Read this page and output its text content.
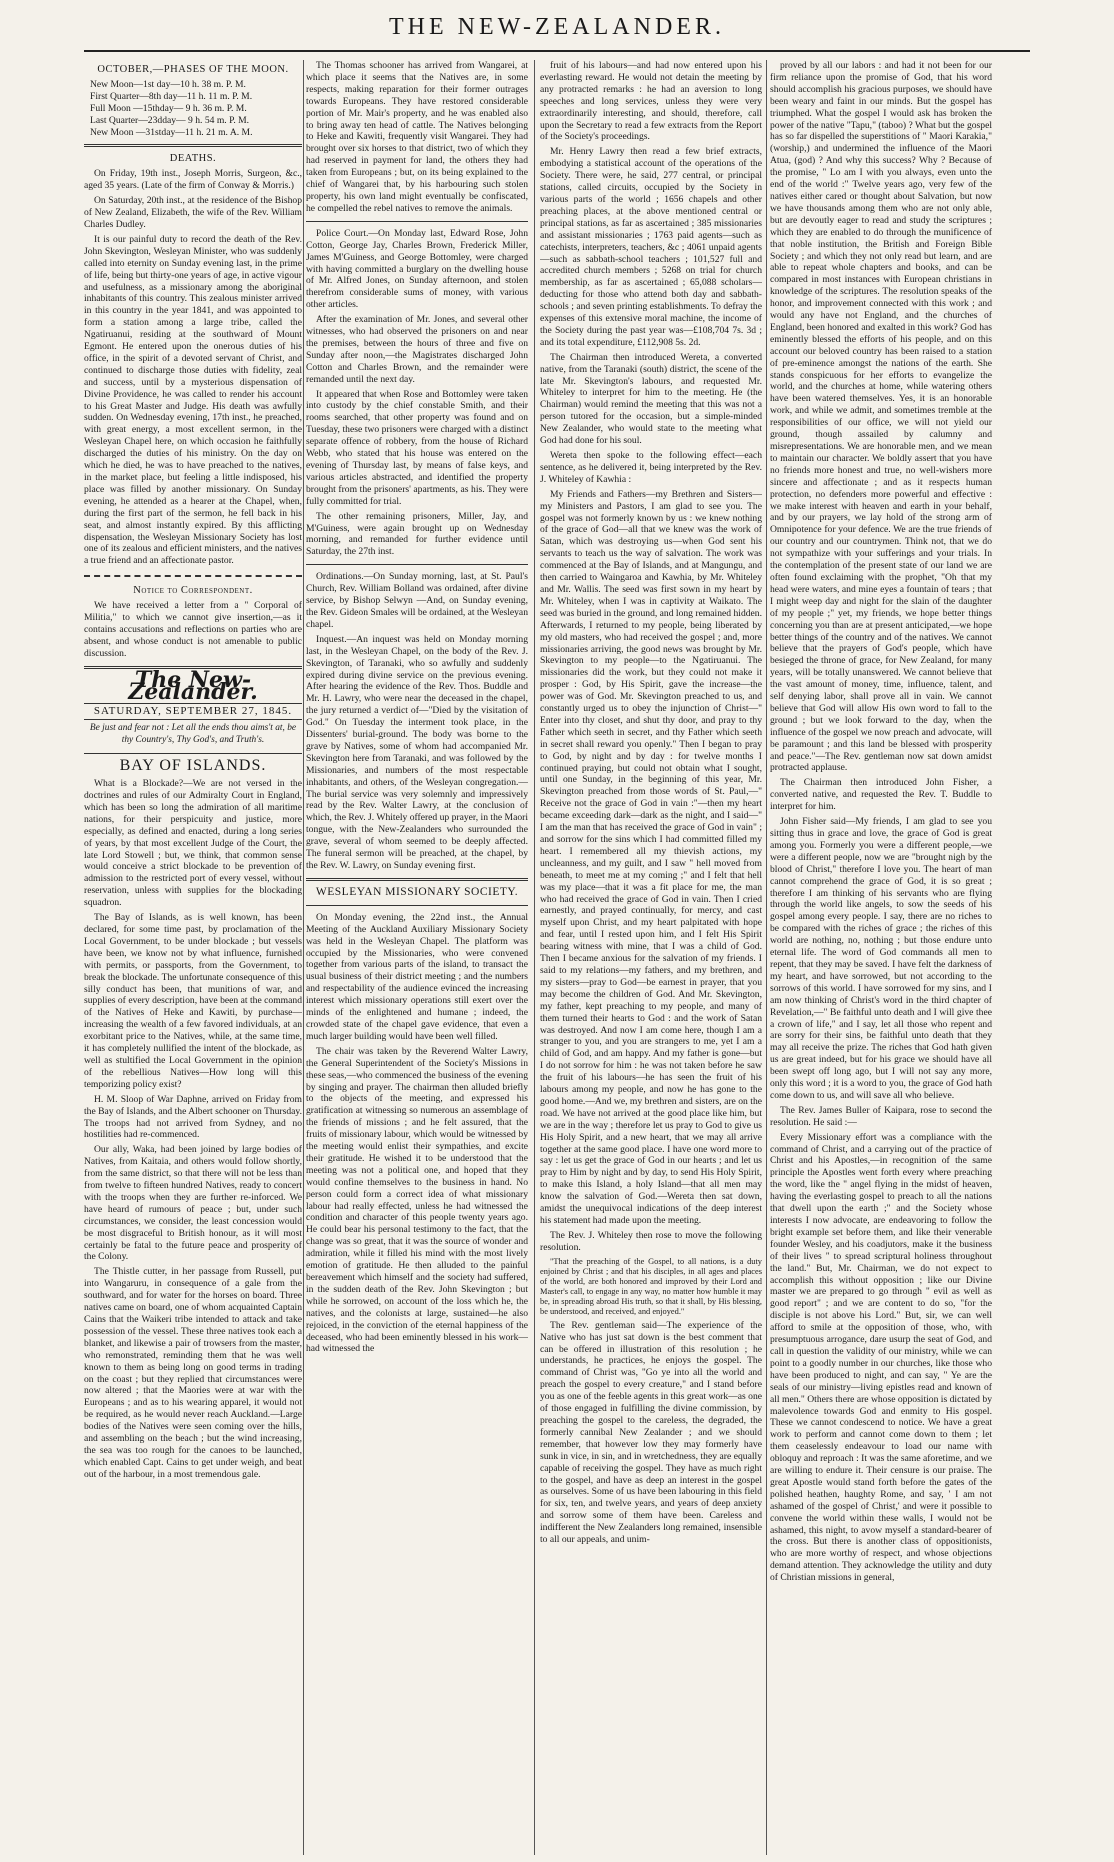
THE NEW-ZEALANDER.
OCTOBER,—PHASES OF THE MOON.
New Moon—1st day—10 h. 38 m. P. M.
First Quarter—8th day—11 h. 11 m. P. M.
Full Moon —15thday— 9 h. 36 m. P. M.
Last Quarter—23dday— 9 h. 54 m. P. M.
New Moon —31stday—11 h. 21 m. A. M.
DEATHS.

On Friday, 19th inst., Joseph Morris, Surgeon, &c., aged 35 years. (Late of the firm of Conway & Morris.)

On Saturday, 20th inst., at the residence of the Bishop of New Zealand, Elizabeth, the wife of the Rev. William Charles Dudley.

It is our painful duty to record the death of the Rev. John Skevington, Wesleyan Minister, who was suddenly called into eternity on Sunday evening last, in the prime of life, being but thirty-one years of age, in active vigour and usefulness, as a missionary among the aboriginal inhabitants of this country. This zealous minister arrived in this country in the year 1841, and was appointed to form a station among a large tribe, called the Ngatiruanui, residing at the southward of Mount Egmont. He entered upon the onerous duties of his office, in the spirit of a devoted servant of Christ, and continued to discharge those duties with fidelity, zeal and success, until by a mysterious dispensation of Divine Providence, he was called to render his account to his Great Master and Judge. His death was awfully sudden. On Wednesday evening, 17th inst., he preached, with great energy, a most excellent sermon, in the Wesleyan Chapel here, on which occasion he faithfully discharged the duties of his ministry. On the day on which he died, he was to have preached to the natives, in the market place, but feeling a little indisposed, his place was filled by another missionary. On Sunday evening, he attended as a hearer at the Chapel, when, during the first part of the sermon, he fell back in his seat, and almost instantly expired. By this afflicting dispensation, the Wesleyan Missionary Society has lost one of its zealous and efficient ministers, and the natives a true friend and an affectionate pastor.

Notice to Correspondent.

We have received a letter from a " Corporal of Militia," to which we cannot give insertion,—as it contains accusations and reflections on parties who are absent, and whose conduct is not amenable to public discussion.

The New-Zealander.
SATURDAY, SEPTEMBER 27, 1845.
Be just and fear not : Let all the ends thou aims't at, be thy Country's, Thy God's, and Truth's.
BAY OF ISLANDS.

What is a Blockade?—We are not versed in the doctrines and rules of our Admiralty Court in England, which has been so long the admiration of all maritime nations, for their perspicuity and justice, more especially, as defined and enacted, during a long series of years, by that most excellent Judge of the Court, the late Lord Stowell ; but, we think, that common sense would conceive a strict blockade to be prevention of admission to the restricted port of every vessel, without reservation, unless with supplies for the blockading squadron.

The Bay of Islands, as is well known, has been declared, for some time past, by proclamation of the Local Government, to be under blockade ; but vessels have been, we know not by what influence, furnished with permits, or passports, from the Government, to break the blockade. The unfortunate consequence of this silly conduct has been, that munitions of war, and supplies of every description, have been at the command of the Natives of Heke and Kawiti, by purchase—increasing the wealth of a few favored individuals, at an exorbitant price to the Natives, while, at the same time, it has completely nullified the intent of the blockade, as well as stultified the Local Government in the opinion of the rebellious Natives—How long will this temporizing policy exist?

H. M. Sloop of War Daphne, arrived on Friday from the Bay of Islands, and the Albert schooner on Thursday. The troops had not arrived from Sydney, and no hostilities had re-commenced.

Our ally, Waka, had been joined by large bodies of Natives, from Kaitaia, and others would follow shortly, from the same district, so that there will not be less than from twelve to fifteen hundred Natives, ready to concert with the troops when they are further re-inforced. We have heard of rumours of peace ; but, under such circumstances, we consider, the least concession would be most disgraceful to British honour, as it will most certainly be fatal to the future peace and prosperity of the Colony.

The Thistle cutter, in her passage from Russell, put into Wangaruru, in consequence of a gale from the southward, and for water for the horses on board. Three natives came on board, one of whom acquainted Captain Cains that the Waikeri tribe intended to attack and take possession of the vessel. These three natives took each a blanket, and likewise a pair of trowsers from the master, who remonstrated, reminding them that he was well known to them as being long on good terms in trading on the coast ; but they replied that circumstances were now altered ; that the Maories were at war with the Europeans ; and as to his wearing apparel, it would not be required, as he would never reach Auckland.—Large bodies of the Natives were seen coming over the hills, and assembling on the beach ; but the wind increasing, the sea was too rough for the canoes to be launched, which enabled Capt. Cains to get under weigh, and beat out of the harbour, in a most tremendous gale.

The Thomas schooner has arrived from Wangarei, at which place it seems that the Natives are, in some respects, making reparation for their former outrages towards Europeans. They have restored considerable portion of Mr. Mair's property, and he was enabled also to bring away ten head of cattle. The Natives belonging to Heke and Kawiti, frequently visit Wangarei. They had brought over six horses to that district, two of which they had reserved in payment for land, the others they had taken from Europeans ; but, on its being explained to the chief of Wangarei that, by his harbouring such stolen property, his own land might eventually be confiscated, he compelled the rebel natives to remove the animals.

Police Court.—On Monday last, Edward Rose, John Cotton, George Jay, Charles Brown, Frederick Miller, James M'Guiness, and George Bottomley, were charged with having committed a burglary on the dwelling house of Mr. Alfred Jones, on Sunday afternoon, and stolen therefrom considerable sums of money, with various other articles.

After the examination of Mr. Jones, and several other witnesses, who had observed the prisoners on and near the premises, between the hours of three and five on Sunday after noon,—the Magistrates discharged John Cotton and Charles Brown, and the remainder were remanded until the next day.

It appeared that when Rose and Bottomley were taken into custody by the chief constable Smith, and their rooms searched, that other property was found and on Tuesday, these two prisoners were charged with a distinct separate offence of robbery, from the house of Richard Webb, who stated that his house was entered on the evening of Thursday last, by means of false keys, and various articles abstracted, and identified the property brought from the prisoners' apartments, as his. They were fully committed for trial.

The other remaining prisoners, Miller, Jay, and M'Guiness, were again brought up on Wednesday morning, and remanded for further evidence until Saturday, the 27th inst.

Ordinations.—On Sunday morning, last, at St. Paul's Church, Rev. William Bolland was ordained, after divine service, by Bishop Selwyn —And, on Sunday evening, the Rev. Gideon Smales will be ordained, at the Wesleyan chapel.

Inquest.—An inquest was held on Monday morning last, in the Wesleyan Chapel, on the body of the Rev. J. Skevington, of Taranaki, who so awfully and suddenly expired during divine service on the previous evening. After hearing the evidence of the Rev. Thos. Buddle and Mr. H. Lawry, who were near the deceased in the chapel, the jury returned a verdict of—"Died by the visitation of God." On Tuesday the interment took place, in the Dissenters' burial-ground. The body was borne to the grave by Natives, some of whom had accompanied Mr. Skevington here from Taranaki, and was followed by the Missionaries, and numbers of the most respectable inhabitants, and others, of the Wesleyan congregation.—The burial service was very solemnly and impressively read by the Rev. Walter Lawry, at the conclusion of which, the Rev. J. Whitely offered up prayer, in the Maori tongue, with the New-Zealanders who surrounded the grave, several of whom seemed to be deeply affected. The funeral sermon will be preached, at the chapel, by the Rev. W. Lawry, on Sunday evening first.

WESLEYAN MISSIONARY SOCIETY.

On Monday evening, the 22nd inst., the Annual Meeting of the Auckland Auxiliary Missionary Society was held in the Wesleyan Chapel. The platform was occupied by the Missionaries, who were convened together from various parts of the island, to transact the usual business of their district meeting ; and the numbers and respectability of the audience evinced the increasing interest which missionary operations still exert over the minds of the enlightened and humane ; indeed, the crowded state of the chapel gave evidence, that even a much larger building would have been well filled.

The chair was taken by the Reverend Walter Lawry, the General Superintendent of the Society's Missions in these seas,—who commenced the business of the evening by singing and prayer. The chairman then alluded briefly to the objects of the meeting, and expressed his gratification at witnessing so numerous an assemblage of the friends of missions ; and he felt assured, that the fruits of missionary labour, which would be witnessed by the meeting would enlist their sympathies, and excite their gratitude. He wished it to be understood that the meeting was not a political one, and hoped that they would confine themselves to the business in hand. No person could form a correct idea of what missionary labour had really effected, unless he had witnessed the condition and character of this people twenty years ago. He could bear his personal testimony to the fact, that the change was so great, that it was the source of wonder and admiration, while it filled his mind with the most lively emotion of gratitude. He then alluded to the painful bereavement which himself and the society had suffered, in the sudden death of the Rev. John Skevington ; but while he sorrowed, on account of the loss which he, the natives, and the colonists at large, sustained—he also rejoiced, in the conviction of the eternal happiness of the deceased, who had been eminently blessed in his work—had witnessed the

fruit of his labours—and had now entered upon his everlasting reward. He would not detain the meeting by any protracted remarks : he had an aversion to long speeches and long services, unless they were very extraordinarily interesting, and should, therefore, call upon the Secretary to read a few extracts from the Report of the Society's proceedings.

Mr. Henry Lawry then read a few brief extracts, embodying a statistical account of the operations of the Society. There were, he said, 277 central, or principal stations, called circuits, occupied by the Society in various parts of the world ; 1656 chapels and other preaching places, at the above mentioned central or principal stations, as far as ascertained ; 385 missionaries and assistant missionaries ; 1763 paid agents—such as catechists, interpreters, teachers, &c ; 4061 unpaid agents—such as sabbath-school teachers ; 101,527 full and accredited church members ; 5268 on trial for church membership, as far as ascertained ; 65,088 scholars—deducting for those who attend both day and sabbath-schools ; and seven printing establishments. To defray the expenses of this extensive moral machine, the income of the Society during the past year was—£108,704 7s. 3d ; and its total expenditure, £112,908 5s. 2d.

The Chairman then introduced Wereta, a converted native, from the Taranaki (south) district, the scene of the late Mr. Skevington's labours, and requested Mr. Whiteley to interpret for him to the meeting. He (the Chairman) would remind the meeting that this was not a person tutored for the occasion, but a simple-minded New Zealander, who would state to the meeting what God had done for his soul.

Wereta then spoke to the following effect—each sentence, as he delivered it, being interpreted by the Rev. J. Whiteley of Kawhia :

My Friends and Fathers—my Brethren and Sisters—my Ministers and Pastors, I am glad to see you. The gospel was not formerly known by us : we knew nothing of the grace of God—all that we knew was the work of Satan, which was destroying us—when God sent his servants to teach us the way of salvation. The work was commenced at the Bay of Islands, and at Mangungu, and then carried to Waingaroa and Kawhia, by Mr. Whiteley and Mr. Wallis. The seed was first sown in my heart by Mr. Whiteley, when I was in captivity at Waikato. The seed was buried in the ground, and long remained hidden. Afterwards, I returned to my people, being liberated by my old masters, who had received the gospel ; and, more missionaries arriving, the good news was brought by Mr. Skevington to my people—to the Ngatiruanui. The missionaries did the work, but they could not make it prosper : God, by His Spirit, gave the increase—the power was of God. Mr. Skevington preached to us, and constantly urged us to obey the injunction of Christ—" Enter into thy closet, and shut thy door, and pray to thy Father which seeth in secret, and thy Father which seeth in secret shall reward you openly." Then I began to pray to God, by night and by day : for twelve months I continued praying, but could not obtain what I sought, until one Sunday, in the beginning of this year, Mr. Skevington preached from those words of St. Paul,—" Receive not the grace of God in vain :"—then my heart became exceeding dark—dark as the night, and I said—" I am the man that has received the grace of God in vain" ; and sorrow for the sins which I had committed filled my heart. I remembered all my thievish actions, my uncleanness, and my guilt, and I saw " hell moved from beneath, to meet me at my coming ;" and I felt that hell was my place—that it was a fit place for me, the man who had received the grace of God in vain. Then I cried earnestly, and prayed continually, for mercy, and cast myself upon Christ, and my heart palpitated with hope and fear, until I rested upon him, and I felt His Spirit bearing witness with mine, that I was a child of God. Then I became anxious for the salvation of my friends. I said to my relations—my fathers, and my brethren, and my sisters—pray to God—be earnest in prayer, that you may become the children of God. And Mr. Skevington, my father, kept preaching to my people, and many of them turned their hearts to God : and the work of Satan was destroyed. And now I am come here, though I am a stranger to you, and you are strangers to me, yet I am a child of God, and am happy. And my father is gone—but I do not sorrow for him : he was not taken before he saw the fruit of his labours—he has seen the fruit of his labours among my people, and now he has gone to the good home.—And we, my brethren and sisters, are on the road. We have not arrived at the good place like him, but we are in the way ; therefore let us pray to God to give us His Holy Spirit, and a new heart, that we may all arrive together at the same good place. I have one word more to say : let us get the grace of God in our hearts ; and let us pray to Him by night and by day, to send His Holy Spirit, to make this Island, a holy Island—that all men may know the salvation of God.—Wereta then sat down, amidst the unequivocal indications of the deep interest his statement had made upon the meeting.

The Rev. J. Whiteley then rose to move the following resolution.

"That the preaching of the Gospel, to all nations, is a duty enjoined by Christ ; and that his disciples, in all ages and places of the world, are both honored and improved by their Lord and Master's call, to engage in any way, no matter how humble it may be, in spreading abroad His truth, so that it shall, by His blessing, be understood, and received, and enjoyed."

The Rev. gentleman said—The experience of the Native who has just sat down is the best comment that can be offered in illustration of this resolution ; he understands, he practices, he enjoys the gospel. The command of Christ was, "Go ye into all the world and preach the gospel to every creature," and I stand before you as one of the feeble agents in this great work—as one of those engaged in fulfilling the divine commission, by preaching the gospel to the careless, the degraded, the formerly cannibal New Zealander ; and we should remember, that however low they may formerly have sunk in vice, in sin, and in wretchedness, they are equally capable of receiving the gospel. They have as much right to the gospel, and have as deep an interest in the gospel as ourselves. Some of us have been labouring in this field for six, ten, and twelve years, and years of deep anxiety and sorrow some of them have been. Careless and indifferent the New Zealanders long remained, insensible to all our appeals, and unim-

proved by all our labors : and had it not been for our firm reliance upon the promise of God, that his word should accomplish his gracious purposes, we should have been weary and faint in our minds. But the gospel has triumphed. What the gospel I would ask has broken the power of the native "Tapu," (taboo) ? What but the gospel has so far dispelled the superstitions of " Maori Karakia," (worship,) and undermined the influence of the Maori Atua, (god) ? And why this success? Why ? Because of the promise, " Lo am I with you always, even unto the end of the world :" Twelve years ago, very few of the natives either cared or thought about Salvation, but now we have thousands among them who are not only able, but are devoutly eager to read and study the scriptures ; which they are enabled to do through the munificence of that noble institution, the British and Foreign Bible Society ; and which they not only read but learn, and are able to repeat whole chapters and books, and can be compared in most instances with European christians in knowledge of the scriptures. The resolution speaks of the honor, and improvement connected with this work ; and would any have not England, and the churches of England, been honored and exalted in this work? God has eminently blessed the efforts of his people, and on this account our beloved country has been raised to a station of pre-eminence amongst the nations of the earth. She stands conspicuous for her efforts to evangelize the world, and the churches at home, while watering others have been watered themselves. Yes, it is an honorable work, and while we admit, and sometimes tremble at the responsibilities of our office, we will not yield our ground, though assailed by calumny and misrepresentations. We are honorable men, and we mean to maintain our character. We boldly assert that you have no friends more honest and true, no well-wishers more sincere and affectionate ; and as it respects human protection, no defenders more powerful and effective : we make interest with heaven and earth in your behalf, and by our prayers, we lay hold of the strong arm of Omnipotence for your defence. We are the true friends of our country and our countrymen. Think not, that we do not sympathize with your sufferings and your trials. In the contemplation of the present state of our land we are often found exclaiming with the prophet, "Oh that my head were waters, and mine eyes a fountain of tears ; that I might weep day and night for the slain of the daughter of my people ;" yet, my friends, we hope better things concerning you than are at present anticipated,—we hope better things of the country and of the natives. We cannot believe that the prayers of God's people, which have besieged the throne of grace, for New Zealand, for many years, will be totally unanswered. We cannot believe that the vast amount of money, time, influence, talent, and self denying labor, shall prove all in vain. We cannot believe that God will allow His own word to fall to the ground ; but we look forward to the day, when the influence of the gospel we now preach and advocate, will be paramount ; and this land be blessed with prosperity and peace."—The Rev. gentleman now sat down amidst protracted applause.

The Chairman then introduced John Fisher, a converted native, and requested the Rev. T. Buddle to interpret for him.

John Fisher said—My friends, I am glad to see you sitting thus in grace and love, the grace of God is great among you. Formerly you were a different people,—we were a different people, now we are "brought nigh by the blood of Christ," therefore I love you. The heart of man cannot comprehend the grace of God, it is so great ; therefore I am thinking of his servants who are flying through the world like angels, to sow the seeds of his gospel among every people. I say, there are no riches to be compared with the riches of grace ; the riches of this world are nothing, no, nothing ; but those endure unto eternal life. The word of God commands all men to repent, that they may be saved. I have felt the darkness of my heart, and have sorrowed, but not according to the sorrows of this world. I have sorrowed for my sins, and I am now thinking of Christ's word in the third chapter of Revelation,—" Be faithful unto death and I will give thee a crown of life," and I say, let all those who repent and are sorry for their sins, be faithful unto death that they may all receive the prize. The riches that God hath given us are great indeed, but for his grace we should have all been swept off long ago, but I will not say any more, only this word ; it is a word to you, the grace of God hath come down to us, and will save all who believe.

The Rev. James Buller of Kaipara, rose to second the resolution. He said :—

Every Missionary effort was a compliance with the command of Christ, and a carrying out of the practice of Christ and his Apostles,—in recognition of the same principle the Apostles went forth every where preaching the word, like the " angel flying in the midst of heaven, having the everlasting gospel to preach to all the nations that dwell upon the earth ;" and the Society whose interests I now advocate, are endeavoring to follow the bright example set before them, and like their venerable founder Wesley, and his coadjutors, make it the business of their lives " to spread scriptural holiness throughout the land." But, Mr. Chairman, we do not expect to accomplish this without opposition ; like our Divine master we are prepared to go through " evil as well as good report" ; and we are content to do so, "for the disciple is not above his Lord." But, sir, we can well afford to smile at the opposition of those, who, with presumptuous arrogance, dare usurp the seat of God, and call in question the validity of our ministry, while we can point to a goodly number in our churches, like those who have been produced to night, and can say, " Ye are the seals of our ministry—living epistles read and known of all men." Others there are whose opposition is dictated by malevolence towards God and enmity to His gospel. These we cannot condescend to notice. We have a great work to perform and cannot come down to them ; let them ceaselessly endeavour to load our name with obloquy and reproach : It was the same aforetime, and we are willing to endure it. Their censure is our praise. The great Apostle would stand forth before the gates of the polished heathen, haughty Rome, and say, ' I am not ashamed of the gospel of Christ,' and were it possible to convene the world within these walls, I would not be ashamed, this night, to avow myself a standard-bearer of the cross. But there is another class of oppositionists, who are more worthy of respect, and whose objections demand attention. They acknowledge the utility and duty of Christian missions in general,
